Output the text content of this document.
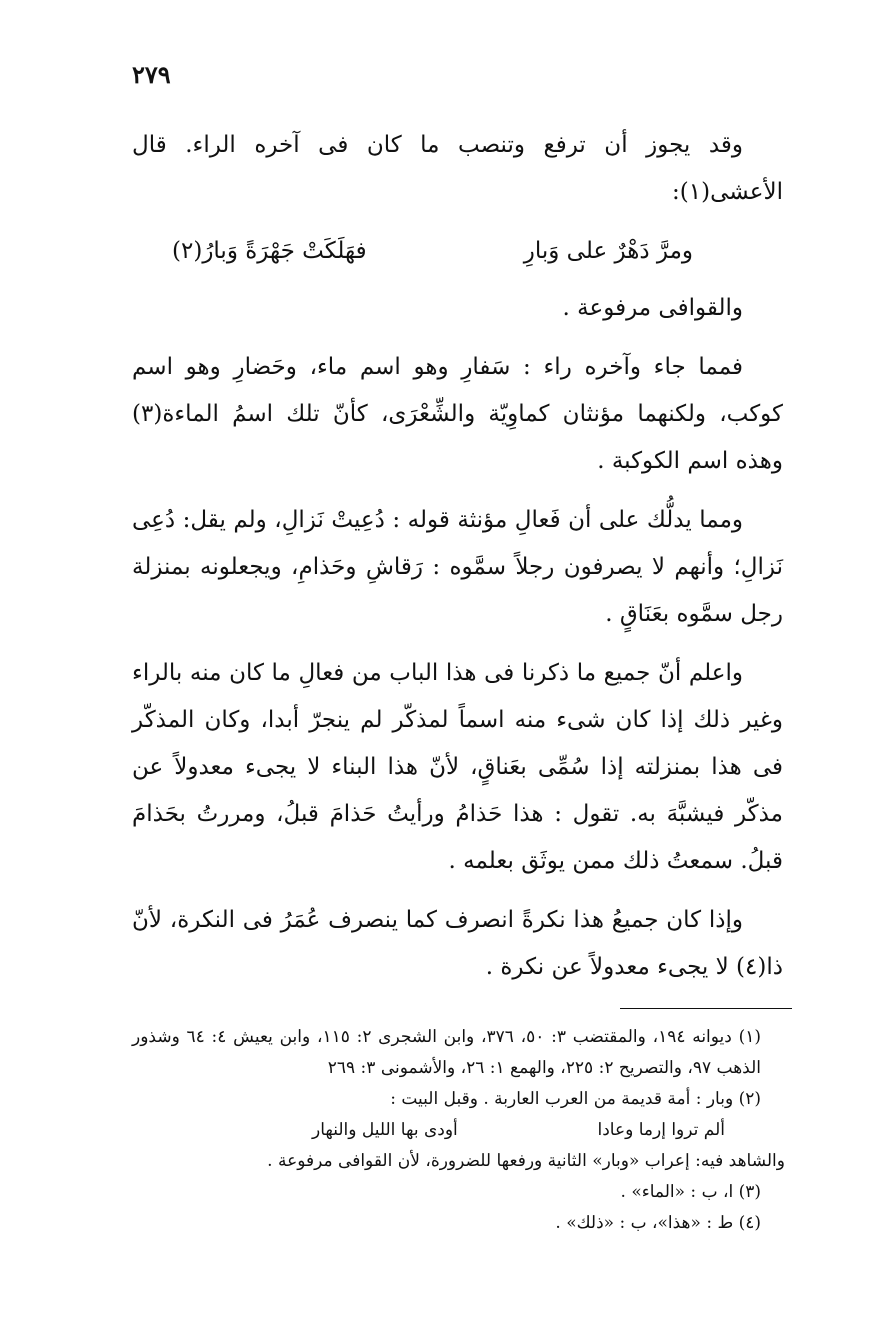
٢٧٩

وقد يجوز أن ترفع وتنصب ما كان فى آخره الراء. قال الأعشى(١):

ومرَّ دَهْرٌ على وَبارِ
فهَلَكَتْ جَهْرَةً وَبارُ(٢)

والقوافى مرفوعة .

فمما جاء وآخره راء : سَفارِ وهو اسم ماء، وحَضارِ وهو اسم كوكب، ولكنهما مؤنثان كماوِيّة والشِّعْرَى، كأنّ تلك اسمُ الماءة(٣) وهذه اسم الكوكبة .

ومما يدلُّك على أن فَعالِ مؤنثة قوله : دُعِيتْ نَزالِ، ولم يقل: دُعِى نَزالِ؛ وأنهم لا يصرفون رجلاً سمَّوه : رَقاشِ وحَذامِ، ويجعلونه بمنزلة رجل سمَّوه بعَنَاقٍ .

واعلم أنّ جميع ما ذكرنا فى هذا الباب من فعالِ ما كان منه بالراء وغير ذلك إذا كان شىء منه اسماً لمذكّر لم ينجرّ أبدا، وكان المذكّر فى هذا بمنزلته إذا سُمِّى بعَناقٍ، لأنّ هذا البناء لا يجىء معدولاً عن مذكّر فيشبَّهَ به. تقول : هذا حَذامُ ورأيتُ حَذامَ قبلُ، ومررتُ بحَذامَ قبلُ. سمعتُ ذلك ممن يوثَق بعلمه .

وإذا كان جميعُ هذا نكرةً انصرف كما ينصرف عُمَرُ فى النكرة، لأنّ ذا(٤) لا يجىء معدولاً عن نكرة .

(١) ديوانه ١٩٤، والمقتضب ٣: ٥٠، ٣٧٦، وابن الشجرى ٢: ١١٥، وابن يعيش ٤: ٦٤ وشذور الذهب ٩٧، والتصريح ٢: ٢٢٥، والهمع ١: ٢٦، والأشمونى ٣: ٢٦٩
(٢) وبار : أمة قديمة من العرب العاربة . وقبل البيت :
ألم تروا إرما وعادا
أودى بها الليل والنهار
والشاهد فيه: إعراب «وبار» الثانية ورفعها للضرورة، لأن القوافى مرفوعة .
(٣) ا، ب : «الماء» .
(٤) ط : «هذا»، ب : «ذلك» .
